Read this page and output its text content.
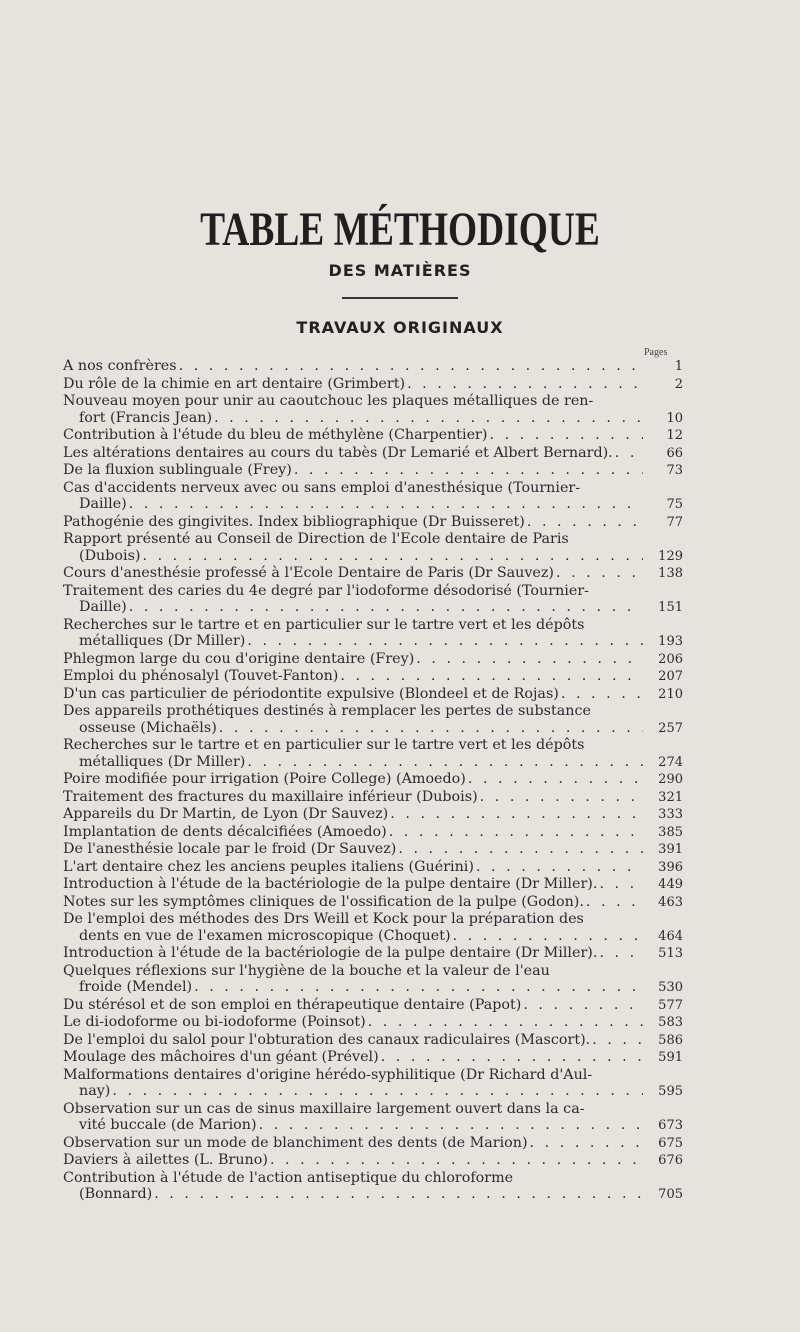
TABLE MÉTHODIQUE
DES MATIÈRES
TRAVAUX ORIGINAUX
Pages
A nos confrères . . .	1
Du rôle de la chimie en art dentaire (Grimbert) . . .	2
Nouveau moyen pour unir au caoutchouc les plaques métalliques de ren-
fort (Francis Jean) . . .	10
Contribution à l'étude du bleu de méthylène (Charpentier) . . .	12
Les altérations dentaires au cours du tabès (Dr Lemarié et Albert Bernard). . . .	66
De la fluxion sublinguale (Frey) . . .	73
Cas d'accidents nerveux avec ou sans emploi d'anesthésique (Tournier-
Daille) . . .	75
Pathogénie des gingivites. Index bibliographique (Dr Buisseret) . . .	77
Rapport présenté au Conseil de Direction de l'Ecole dentaire de Paris
(Dubois) . . .	129
Cours d'anesthésie professé à l'Ecole Dentaire de Paris (Dr Sauvez) . . .	138
Traitement des caries du 4e degré par l'iodoforme désodorisé (Tournier-
Daille) . . .	151
Recherches sur le tartre et en particulier sur le tartre vert et les dépôts
métalliques (Dr Miller) . . .	193
Phlegmon large du cou d'origine dentaire (Frey) . . .	206
Emploi du phénosalyl (Touvet-Fanton) . . .	207
D'un cas particulier de périodontite expulsive (Blondeel et de Rojas) . . .	210
Des appareils prothétiques destinés à remplacer les pertes de substance
osseuse (Michaëls) . . .	257
Recherches sur le tartre et en particulier sur le tartre vert et les dépôts
métalliques (Dr Miller) . . .	274
Poire modifiée pour irrigation (Poire College) (Amoedo) . . .	290
Traitement des fractures du maxillaire inférieur (Dubois) . . .	321
Appareils du Dr Martin, de Lyon (Dr Sauvez) . . .	333
Implantation de dents décalcifiées (Amoedo) . . .	385
De l'anesthésie locale par le froid (Dr Sauvez) . . .	391
L'art dentaire chez les anciens peuples italiens (Guérini) . . .	396
Introduction à l'étude de la bactériologie de la pulpe dentaire (Dr Miller). . . .	449
Notes sur les symptômes cliniques de l'ossification de la pulpe (Godon). . . .	463
De l'emploi des méthodes des Drs Weill et Kock pour la préparation des
dents en vue de l'examen microscopique (Choquet) . . .	464
Introduction à l'étude de la bactériologie de la pulpe dentaire (Dr Miller). . . .	513
Quelques réflexions sur l'hygiène de la bouche et la valeur de l'eau
froide (Mendel) . . .	530
Du stérésol et de son emploi en thérapeutique dentaire (Papot) . . .	577
Le di-iodoforme ou bi-iodoforme (Poinsot) . . .	583
De l'emploi du salol pour l'obturation des canaux radiculaires (Mascort). . . .	586
Moulage des mâchoires d'un géant (Prével) . . .	591
Malformations dentaires d'origine hérédo-syphilitique (Dr Richard d'Aul-
nay) . . .	595
Observation sur un cas de sinus maxillaire largement ouvert dans la ca-
vité buccale (de Marion) . . .	673
Observation sur un mode de blanchiment des dents (de Marion) . . .	675
Daviers à ailettes (L. Bruno) . . .	676
Contribution à l'étude de l'action antiseptique du chloroforme
(Bonnard) . . .	705
